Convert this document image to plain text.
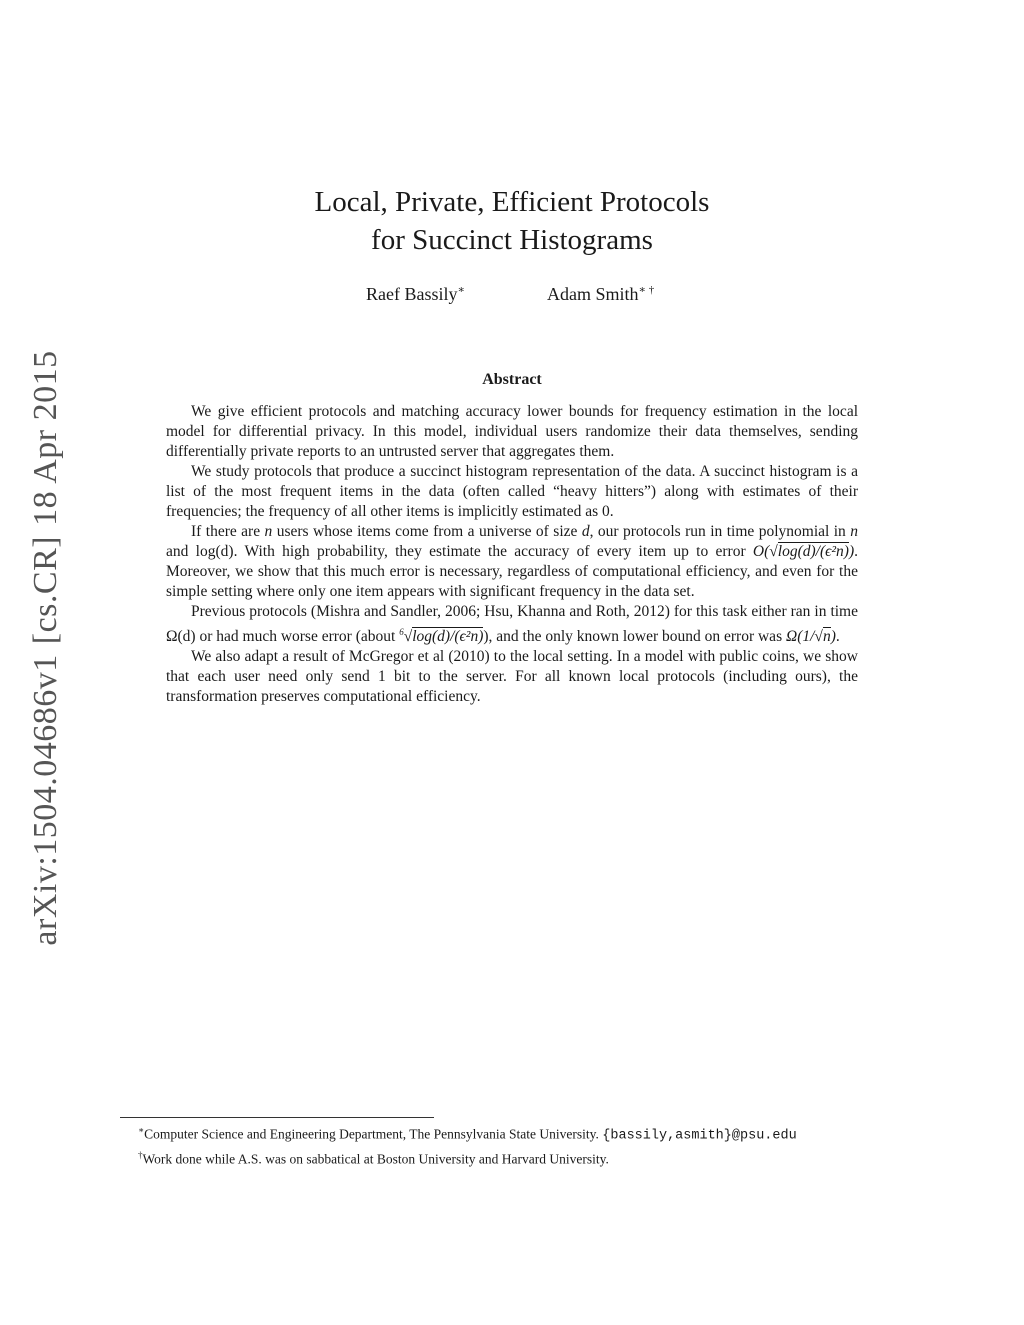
arXiv:1504.04686v1[cs.CR]18 Apr 2015
Local, Private, Efficient Protocols
for Succinct Histograms
Raef Bassily∗	Adam Smith∗ †
Abstract

We give efficient protocols and matching accuracy lower bounds for frequency estimation in the local model for differential privacy. In this model, individual users randomize their data themselves, sending differentially private reports to an untrusted server that aggregates them.

We study protocols that produce a succinct histogram representation of the data. A succinct histogram is a list of the most frequent items in the data (often called “heavy hitters”) along with estimates of their frequencies; the frequency of all other items is implicitly estimated as 0.

If there are n users whose items come from a universe of size d, our protocols run in time polynomial in n and log(d). With high probability, they estimate the accuracy of every item up to error O(√log(d)/(ϵ²n)). Moreover, we show that this much error is necessary, regardless of computational efficiency, and even for the simple setting where only one item appears with significant frequency in the data set.

Previous protocols (Mishra and Sandler, 2006; Hsu, Khanna and Roth, 2012) for this task either ran in time Ω(d) or had much worse error (about $^6$√log(d)/(ϵ²n)), and the only known lower bound on error was Ω(1/√n).

We also adapt a result of McGregor et al (2010) to the local setting. In a model with public coins, we show that each user need only send 1 bit to the server. For all known local protocols (including ours), the transformation preserves computational efficiency.

∗Computer Science and Engineering Department, The Pennsylvania State University. {bassily,asmith}@psu.edu
†Work done while A.S. was on sabbatical at Boston University and Harvard University.
